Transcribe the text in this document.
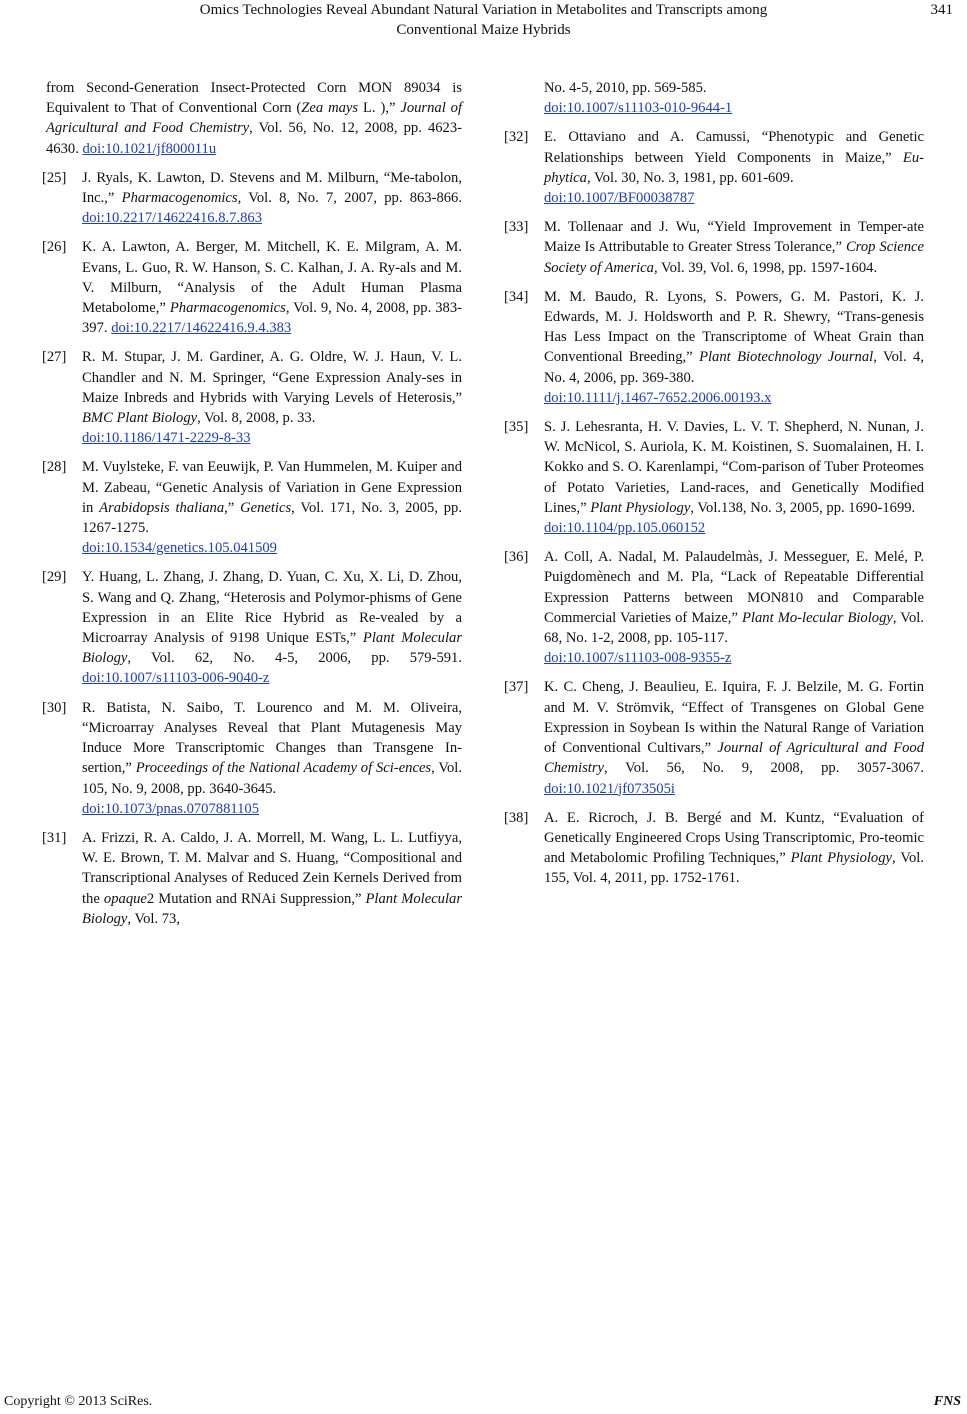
Omics Technologies Reveal Abundant Natural Variation in Metabolites and Transcripts among
Conventional Maize Hybrids
341
from Second-Generation Insect-Protected Corn MON 89034 is Equivalent to That of Conventional Corn (Zea mays L. ),” Journal of Agricultural and Food Chemistry, Vol. 56, No. 12, 2008, pp. 4623-4630. doi:10.1021/jf800011u
[25] J. Ryals, K. Lawton, D. Stevens and M. Milburn, “Me-tabolon, Inc.,” Pharmacogenomics, Vol. 8, No. 7, 2007, pp. 863-866. doi:10.2217/14622416.8.7.863
[26] K. A. Lawton, A. Berger, M. Mitchell, K. E. Milgram, A. M. Evans, L. Guo, R. W. Hanson, S. C. Kalhan, J. A. Ry-als and M. V. Milburn, “Analysis of the Adult Human Plasma Metabolome,” Pharmacogenomics, Vol. 9, No. 4, 2008, pp. 383-397. doi:10.2217/14622416.9.4.383
[27] R. M. Stupar, J. M. Gardiner, A. G. Oldre, W. J. Haun, V. L. Chandler and N. M. Springer, “Gene Expression Analy-ses in Maize Inbreds and Hybrids with Varying Levels of Heterosis,” BMC Plant Biology, Vol. 8, 2008, p. 33.
doi:10.1186/1471-2229-8-33
[28] M. Vuylsteke, F. van Eeuwijk, P. Van Hummelen, M. Kuiper and M. Zabeau, “Genetic Analysis of Variation in Gene Expression in Arabidopsis thaliana,” Genetics, Vol. 171, No. 3, 2005, pp. 1267-1275.
doi:10.1534/genetics.105.041509
[29] Y. Huang, L. Zhang, J. Zhang, D. Yuan, C. Xu, X. Li, D. Zhou, S. Wang and Q. Zhang, “Heterosis and Polymor-phisms of Gene Expression in an Elite Rice Hybrid as Re-vealed by a Microarray Analysis of 9198 Unique ESTs,” Plant Molecular Biology, Vol. 62, No. 4-5, 2006, pp. 579-591. doi:10.1007/s11103-006-9040-z
[30] R. Batista, N. Saibo, T. Lourenco and M. M. Oliveira, “Microarray Analyses Reveal that Plant Mutagenesis May Induce More Transcriptomic Changes than Transgene In-sertion,” Proceedings of the National Academy of Sci-ences, Vol. 105, No. 9, 2008, pp. 3640-3645.
doi:10.1073/pnas.0707881105
[31] A. Frizzi, R. A. Caldo, J. A. Morrell, M. Wang, L. L. Lutfiyya, W. E. Brown, T. M. Malvar and S. Huang, “Compositional and Transcriptional Analyses of Reduced Zein Kernels Derived from the opaque2 Mutation and RNAi Suppression,” Plant Molecular Biology, Vol. 73,
No. 4-5, 2010, pp. 569-585.
doi:10.1007/s11103-010-9644-1
[32] E. Ottaviano and A. Camussi, “Phenotypic and Genetic Relationships between Yield Components in Maize,” Eu-phytica, Vol. 30, No. 3, 1981, pp. 601-609.
doi:10.1007/BF00038787
[33] M. Tollenaar and J. Wu, “Yield Improvement in Temper-ate Maize Is Attributable to Greater Stress Tolerance,” Crop Science Society of America, Vol. 39, Vol. 6, 1998, pp. 1597-1604.
[34] M. M. Baudo, R. Lyons, S. Powers, G. M. Pastori, K. J. Edwards, M. J. Holdsworth and P. R. Shewry, “Trans-genesis Has Less Impact on the Transcriptome of Wheat Grain than Conventional Breeding,” Plant Biotechnology Journal, Vol. 4, No. 4, 2006, pp. 369-380.
doi:10.1111/j.1467-7652.2006.00193.x
[35] S. J. Lehesranta, H. V. Davies, L. V. T. Shepherd, N. Nunan, J. W. McNicol, S. Auriola, K. M. Koistinen, S. Suomalainen, H. I. Kokko and S. O. Karenlampi, “Com-parison of Tuber Proteomes of Potato Varieties, Land-races, and Genetically Modified Lines,” Plant Physiology, Vol.138, No. 3, 2005, pp. 1690-1699.
doi:10.1104/pp.105.060152
[36] A. Coll, A. Nadal, M. Palaudelmàs, J. Messeguer, E. Melé, P. Puigdomènech and M. Pla, “Lack of Repeatable Differential Expression Patterns between MON810 and Comparable Commercial Varieties of Maize,” Plant Mo-lecular Biology, Vol. 68, No. 1-2, 2008, pp. 105-117.
doi:10.1007/s11103-008-9355-z
[37] K. C. Cheng, J. Beaulieu, E. Iquira, F. J. Belzile, M. G. Fortin and M. V. Strömvik, “Effect of Transgenes on Global Gene Expression in Soybean Is within the Natural Range of Variation of Conventional Cultivars,” Journal of Agricultural and Food Chemistry, Vol. 56, No. 9, 2008, pp. 3057-3067. doi:10.1021/jf073505i
[38] A. E. Ricroch, J. B. Bergé and M. Kuntz, “Evaluation of Genetically Engineered Crops Using Transcriptomic, Pro-teomic and Metabolomic Profiling Techniques,” Plant Physiology, Vol. 155, Vol. 4, 2011, pp. 1752-1761.
Copyright © 2013 SciRes.	FNS
